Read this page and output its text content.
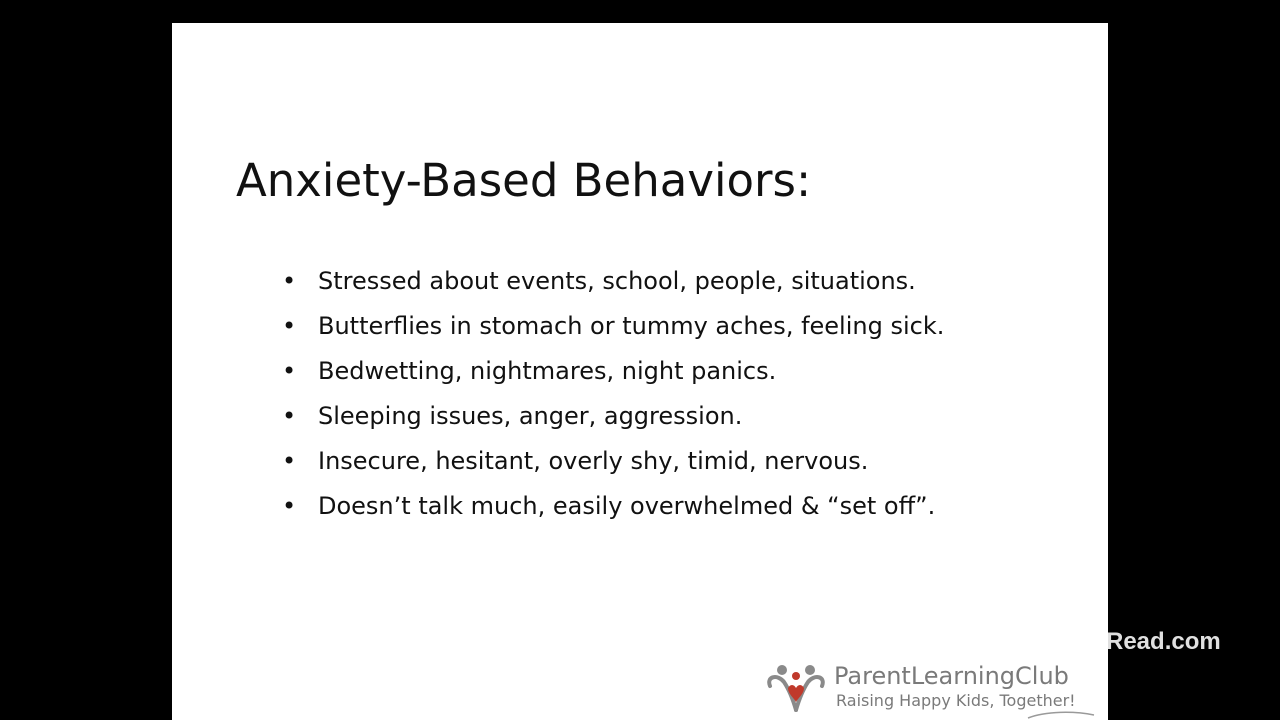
Anxiety-Based Behaviors:
• Stressed about events, school, people, situations.
• Butterflies in stomach or tummy aches, feeling sick.
• Bedwetting, nightmares, night panics.
• Sleeping issues, anger, aggression.
• Insecure, hesitant, overly shy, timid, nervous.
• Doesn’t talk much, easily overwhelmed & “set off”.
Read.com
ParentLearningClub
Raising Happy Kids, Together!
